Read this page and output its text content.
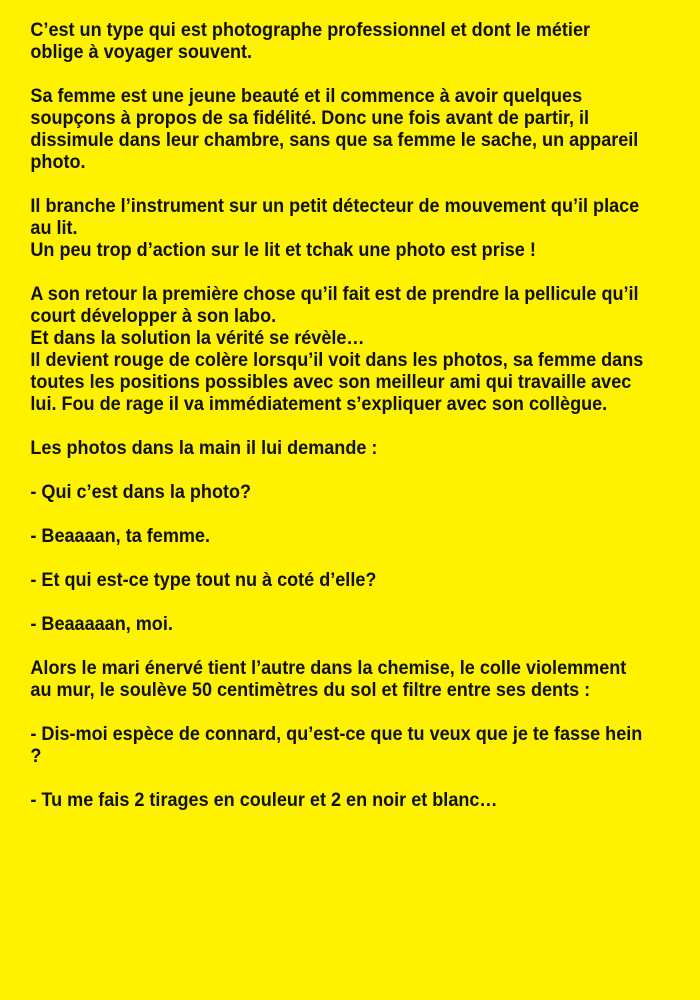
C’est un type qui est photographe professionnel et dont le métier oblige à voyager souvent.

Sa femme est une jeune beauté et il commence à avoir quelques soupçons à propos de sa fidélité. Donc une fois avant de partir, il dissimule dans leur chambre, sans que sa femme le sache, un appareil photo.

Il branche l’instrument sur un petit détecteur de mouvement qu’il place au lit.
Un peu trop d’action sur le lit et tchak une photo est prise !

A son retour la première chose qu’il fait est de prendre la pellicule qu’il court développer à son labo.
Et dans la solution la vérité se révèle…
Il devient rouge de colère lorsqu’il voit dans les photos, sa femme dans toutes les positions possibles avec son meilleur ami qui travaille avec lui. Fou de rage il va immédiatement s’expliquer avec son collègue.

Les photos dans la main il lui demande :

- Qui c’est dans la photo?

- Beaaaan, ta femme.

- Et qui est-ce type tout nu à coté d’elle?

- Beaaaaan, moi.

Alors le mari énervé tient l’autre dans la chemise, le colle violemment au mur, le soulève 50 centimètres du sol et filtre entre ses dents :

- Dis-moi espèce de connard, qu’est-ce que tu veux que je te fasse hein ?

- Tu me fais 2 tirages en couleur et 2 en noir et blanc…
